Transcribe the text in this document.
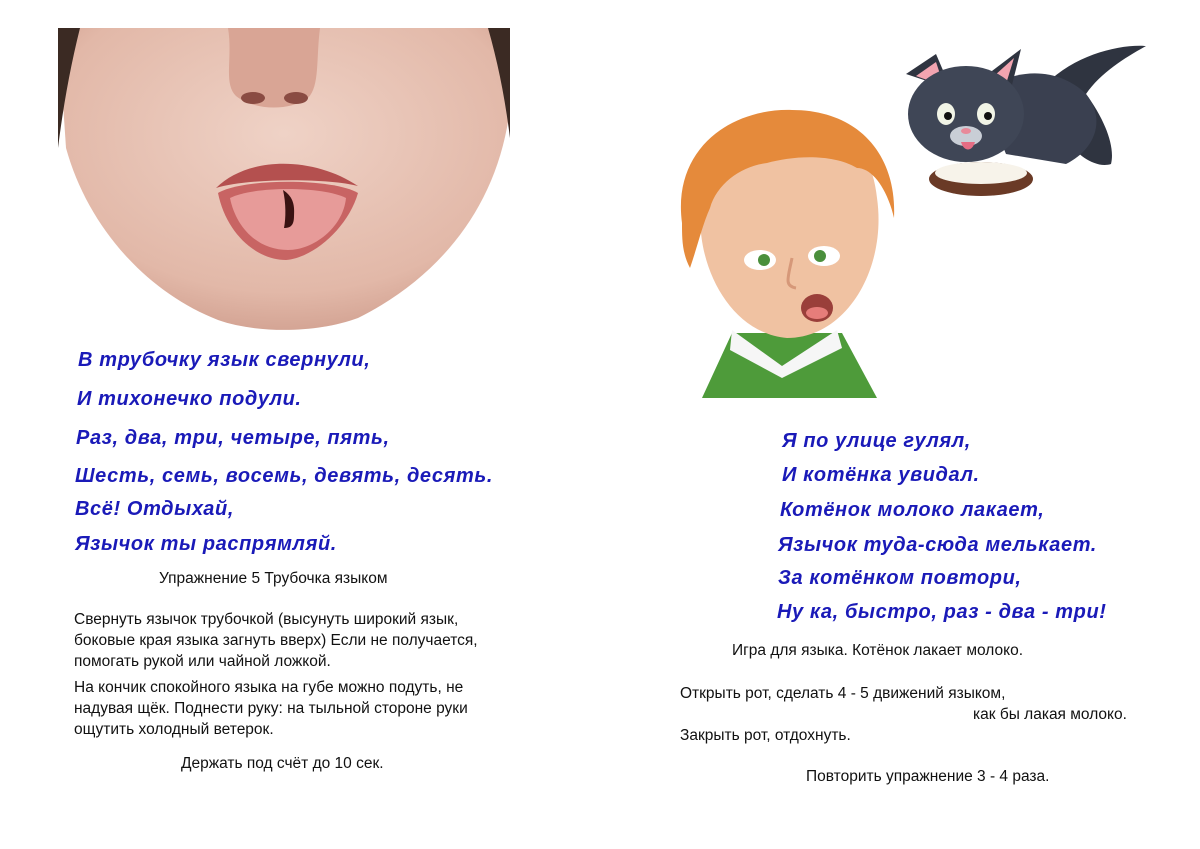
В трубочку язык свернули,
И тихонечко подули.
Раз, два, три, четыре, пять,
Шесть, семь, восемь, девять, десять.
Всё! Отдыхай,
Язычок ты распрямляй.
Упражнение 5 Трубочка языком
Свернуть язычок трубочкой (высунуть широкий язык,
боковые края языка загнуть вверх) Если не получается,
помогать рукой или чайной ложкой.
На кончик спокойного языка на губе можно подуть, не
надувая щёк. Поднести руку: на тыльной стороне руки
ощутить холодный ветерок.
Держать под счёт до 10 сек.
Я по улице гулял,
И котёнка увидал.
Котёнок молоко лакает,
Язычок туда-сюда мелькает.
За котёнком повтори,
Ну ка, быстро, раз - два - три!
Игра для языка. Котёнок лакает молоко.
Открыть рот, сделать 4 - 5 движений языком,
как бы лакая молоко.
Закрыть рот, отдохнуть.
Повторить упражнение 3 - 4 раза.
